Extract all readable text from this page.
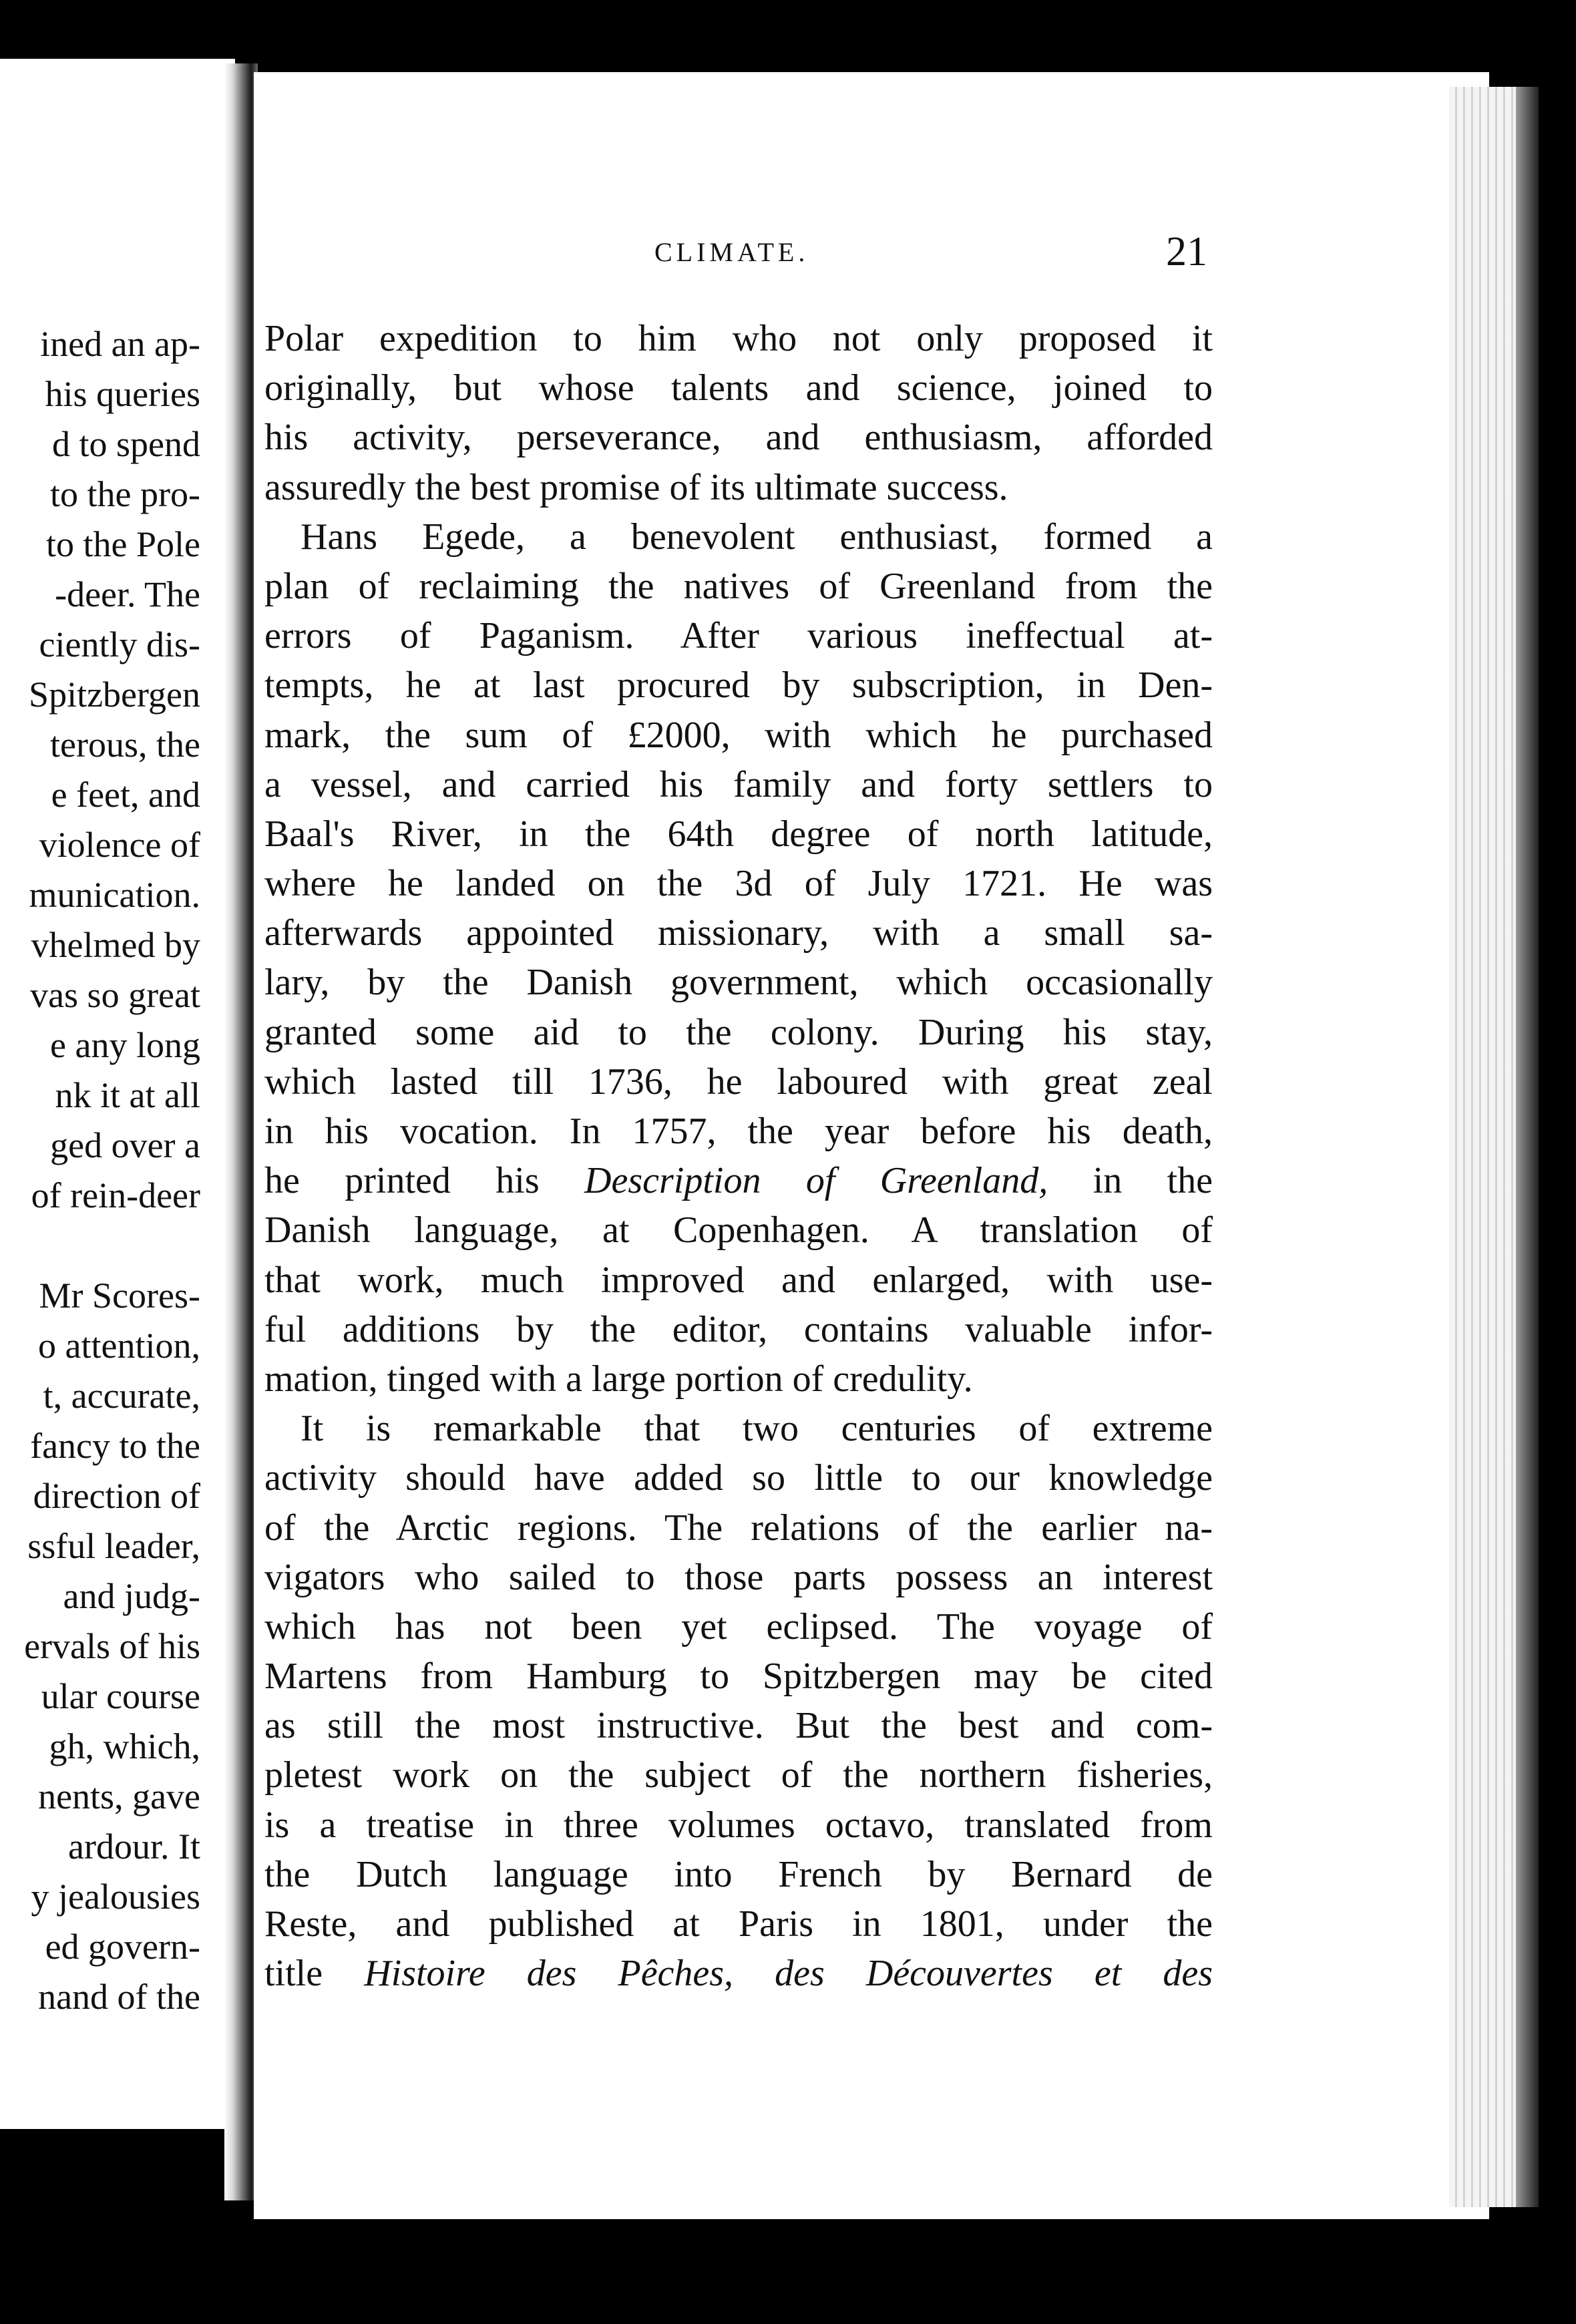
ined an ap-
his queries
d to spend
to the pro-
to the Pole
-deer. The
ciently dis-
Spitzbergen
terous, the
e feet, and
violence of
munication.
vhelmed by
vas so great
e any long
nk it at all
ged over a
of rein-deer
Mr Scores-
o attention,
t, accurate,
fancy to the
direction of
ssful leader,
and judg-
ervals of his
ular course
gh, which,
nents, gave
ardour. It
y jealousies
ed govern-
nand of the
CLIMATE.	21
Polar expedition to him who not only proposed it
originally, but whose talents and science, joined to
his activity, perseverance, and enthusiasm, afforded
assuredly the best promise of its ultimate success.
Hans Egede, a benevolent enthusiast, formed a
plan of reclaiming the natives of Greenland from the
errors of Paganism. After various ineffectual at-
tempts, he at last procured by subscription, in Den-
mark, the sum of £2000, with which he purchased
a vessel, and carried his family and forty settlers to
Baal's River, in the 64th degree of north latitude,
where he landed on the 3d of July 1721. He was
afterwards appointed missionary, with a small sa-
lary, by the Danish government, which occasionally
granted some aid to the colony. During his stay,
which lasted till 1736, he laboured with great zeal
in his vocation. In 1757, the year before his death,
he printed his Description of Greenland, in the
Danish language, at Copenhagen. A translation of
that work, much improved and enlarged, with use-
ful additions by the editor, contains valuable infor-
mation, tinged with a large portion of credulity.
It is remarkable that two centuries of extreme
activity should have added so little to our knowledge
of the Arctic regions. The relations of the earlier na-
vigators who sailed to those parts possess an interest
which has not been yet eclipsed. The voyage of
Martens from Hamburg to Spitzbergen may be cited
as still the most instructive. But the best and com-
pletest work on the subject of the northern fisheries,
is a treatise in three volumes octavo, translated from
the Dutch language into French by Bernard de
Reste, and published at Paris in 1801, under the
title Histoire des Pêches, des Découvertes et des
